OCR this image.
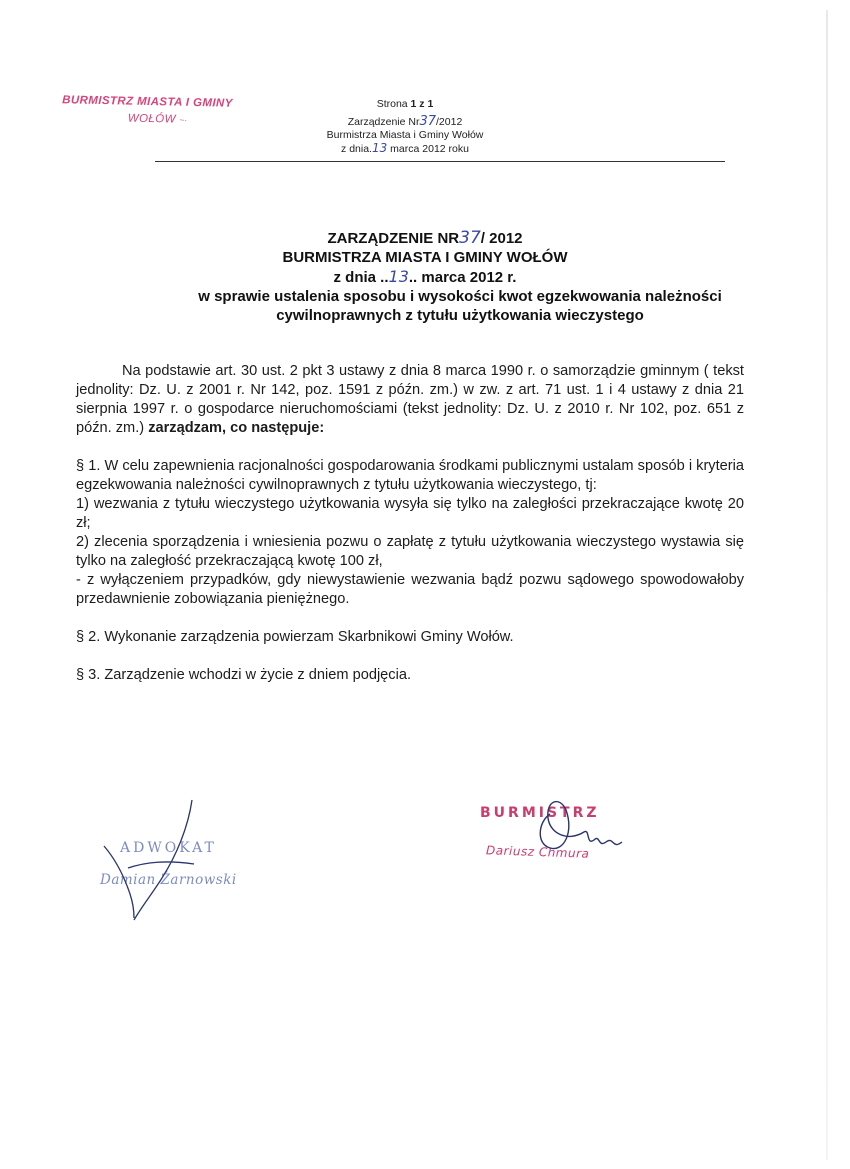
BURMISTRZ MIASTA I GMINY
WOŁÓW ~·
Strona 1 z 1
Zarządzenie Nr37/2012
Burmistrza Miasta i Gminy Wołów
z dnia.13 marca 2012 roku
ZARZĄDZENIE NR37/ 2012
BURMISTRZA MIASTA I GMINY WOŁÓW
z dnia ..13.. marca 2012 r.
w sprawie ustalenia sposobu i wysokości kwot egzekwowania należności
cywilnoprawnych z tytułu użytkowania wieczystego

Na podstawie art. 30 ust. 2 pkt 3 ustawy z dnia 8 marca 1990 r. o samorządzie gminnym ( tekst jednolity: Dz. U. z 2001 r. Nr 142, poz. 1591 z późn. zm.) w zw. z art. 71 ust. 1 i 4 ustawy z dnia 21 sierpnia 1997 r. o gospodarce nieruchomościami (tekst jednolity: Dz. U. z 2010 r. Nr 102, poz. 651 z późn. zm.) zarządzam, co następuje:

§ 1. W celu zapewnienia racjonalności gospodarowania środkami publicznymi ustalam sposób i kryteria egzekwowania należności cywilnoprawnych z tytułu użytkowania wieczystego, tj:

1) wezwania z tytułu wieczystego użytkowania wysyła się tylko na zaległości przekraczające kwotę 20 zł;

2) zlecenia sporządzenia i wniesienia pozwu o zapłatę z tytułu użytkowania wieczystego wystawia się tylko na zaległość przekraczającą kwotę 100 zł,

- z wyłączeniem przypadków, gdy niewystawienie wezwania bądź pozwu sądowego spowodowałoby przedawnienie zobowiązania pieniężnego.

§ 2. Wykonanie zarządzenia powierzam Skarbnikowi Gminy Wołów.

§ 3. Zarządzenie wchodzi w życie z dniem podjęcia.

ADWOKAT
Damian Żarnowski
BURMISTRZ
Dariusz Chmura
